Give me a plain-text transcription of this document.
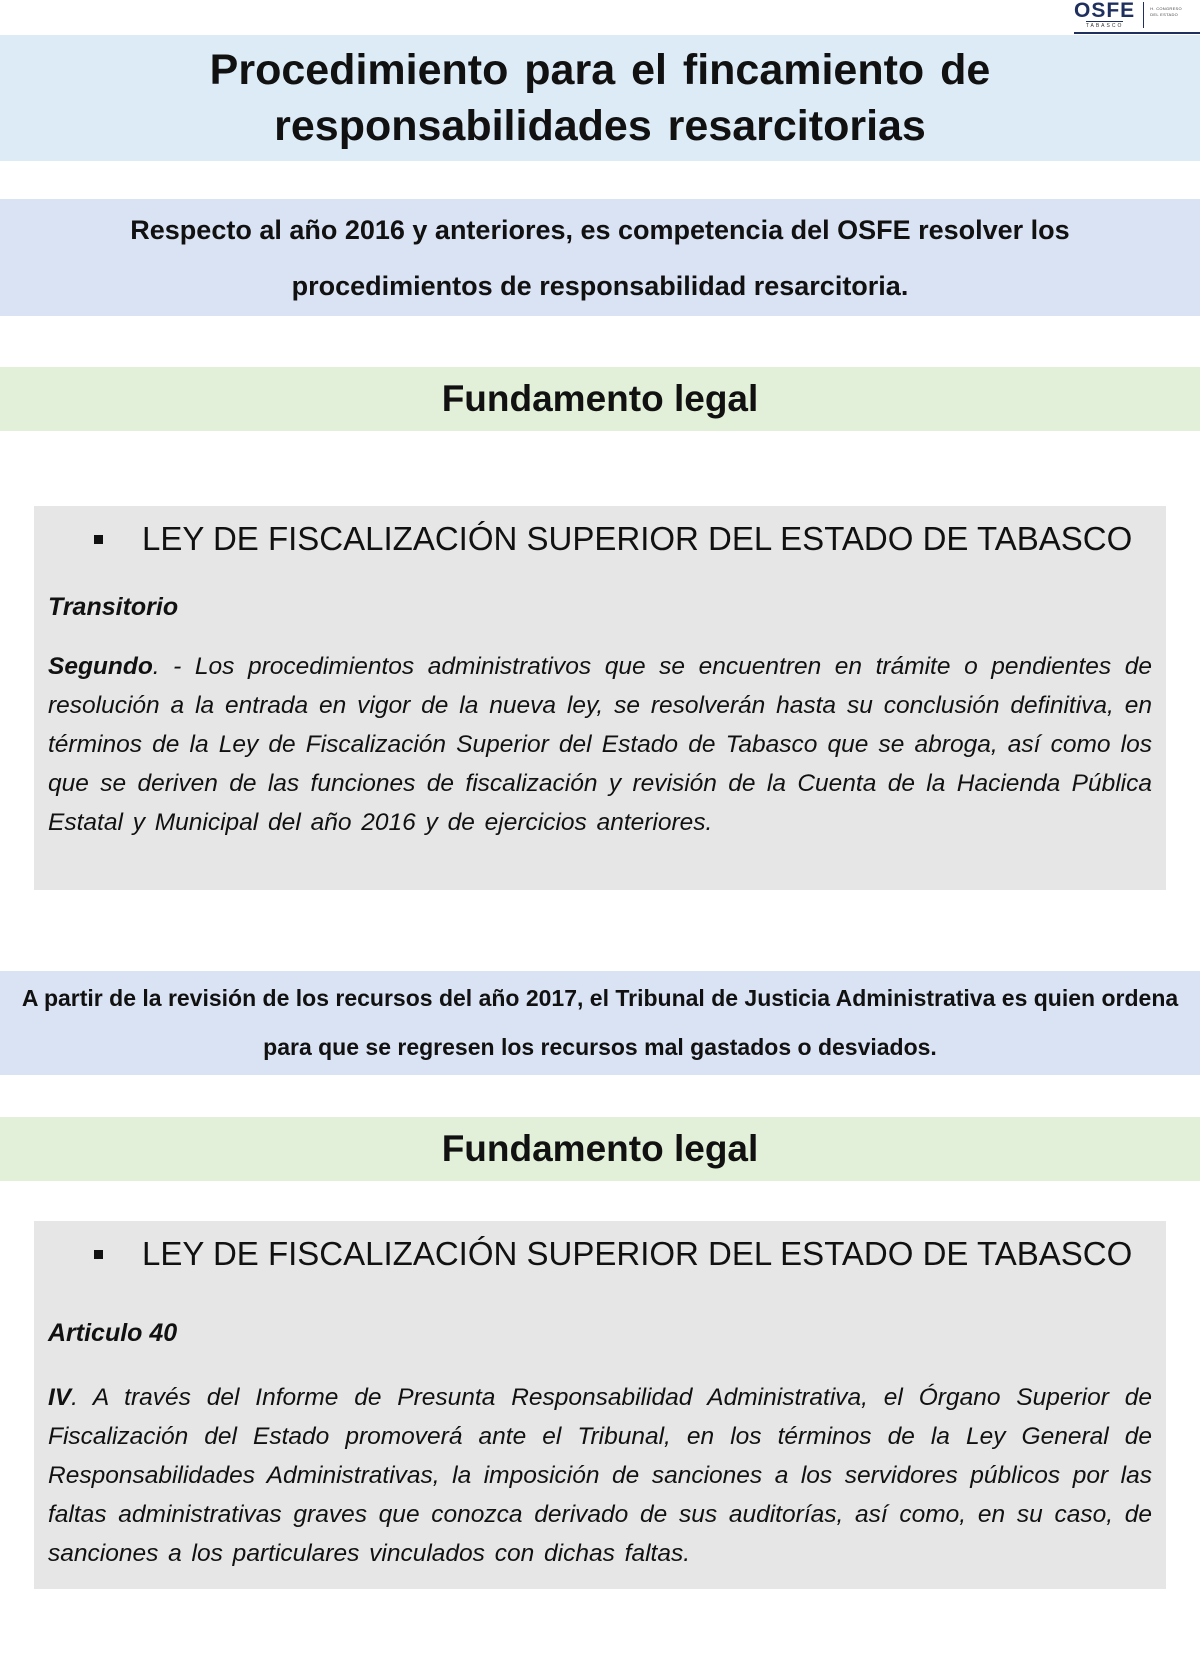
OSFE
TABASCO
H. CONGRESO
DEL ESTADO
Procedimiento para el fincamiento de
responsabilidades resarcitorias

Respecto al año 2016 y anteriores, es competencia del OSFE resolver los procedimientos de responsabilidad resarcitoria.

Fundamento legal
LEY DE FISCALIZACIÓN SUPERIOR DEL ESTADO DE TABASCO

Transitorio

Segundo. - Los procedimientos administrativos que se encuentren en trámite o pendientes de resolución a la entrada en vigor de la nueva ley, se resolverán hasta su conclusión definitiva, en términos de la Ley de Fiscalización Superior del Estado de Tabasco que se abroga, así como los que se deriven de las funciones de fiscalización y revisión de la Cuenta de la Hacienda Pública Estatal y Municipal del año 2016 y de ejercicios anteriores.

A partir de la revisión de los recursos del año 2017, el Tribunal de Justicia Administrativa es quien ordena para que se regresen los recursos mal gastados o desviados.

Fundamento legal
LEY DE FISCALIZACIÓN SUPERIOR DEL ESTADO DE TABASCO

Articulo 40

IV. A través del Informe de Presunta Responsabilidad Administrativa, el Órgano Superior de Fiscalización del Estado promoverá ante el Tribunal, en los términos de la Ley General de Responsabilidades Administrativas, la imposición de sanciones a los servidores públicos por las faltas administrativas graves que conozca derivado de sus auditorías, así como, en su caso, de sanciones a los particulares vinculados con dichas faltas.
